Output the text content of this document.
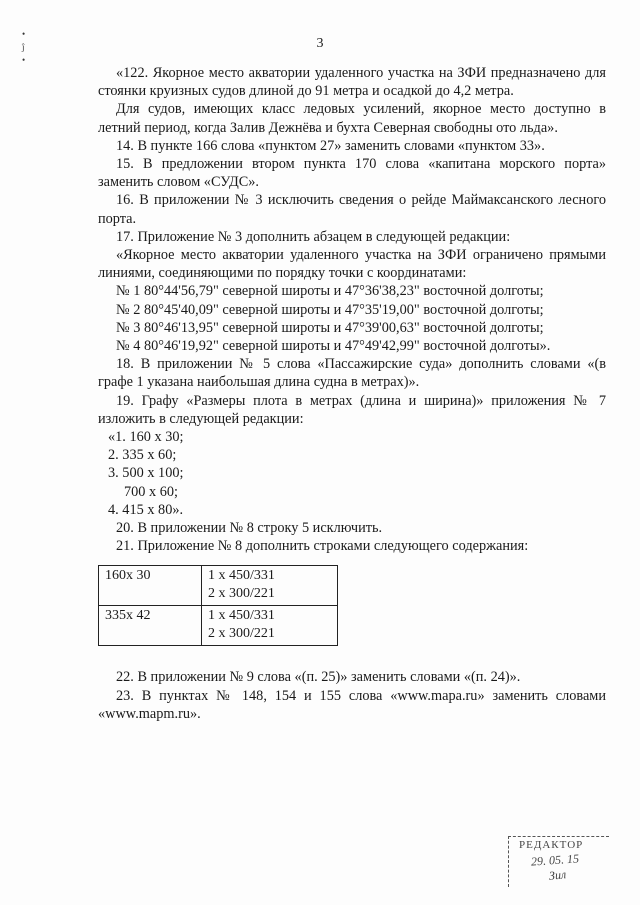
•
ĵ
•
3

«122. Якорное место акватории удаленного участка на ЗФИ предназначено для стоянки круизных судов длиной до 91 метра и осадкой до 4,2 метра.

Для судов, имеющих класс ледовых усилений, якорное место доступно в летний период, когда Залив Дежнёва и бухта Северная свободны ото льда».

14. В пункте 166 слова «пунктом 27» заменить словами «пунктом 33».

15. В предложении втором пункта 170 слова «капитана морского порта» заменить словом «СУДС».

16. В приложении № 3 исключить сведения о рейде Маймаксанского лесного порта.

17. Приложение № 3 дополнить абзацем в следующей редакции:

«Якорное место акватории удаленного участка на ЗФИ ограничено прямыми линиями, соединяющими по порядку точки с координатами:

№ 1 80°44'56,79" северной широты и 47°36'38,23" восточной долготы;

№ 2 80°45'40,09" северной широты и 47°35'19,00" восточной долготы;

№ 3 80°46'13,95" северной широты и 47°39'00,63" восточной долготы;

№ 4 80°46'19,92" северной широты и 47°49'42,99" восточной долготы».

18. В приложении № 5 слова «Пассажирские суда» дополнить словами «(в графе 1 указана наибольшая длина судна в метрах)».

19. Графу «Размеры плота в метрах (длина и ширина)» приложения № 7 изложить в следующей редакции:

«1. 160 х 30;

2. 335 х 60;

3. 500 х 100;

700 х 60;

4. 415 х 80».

20. В приложении № 8 строку 5 исключить.

21. Приложение № 8 дополнить строками следующего содержания:

160х 30	1 х 450/331
2 х 300/221

335х 42	1 х 450/331
2 х 300/221

22. В приложении № 9 слова «(п. 25)» заменить словами «(п. 24)».

23. В пунктах № 148, 154 и 155 слова «www.mapa.ru» заменить словами «www.mapm.ru».

РЕДАКТОР
29. 05. 15
Зил
